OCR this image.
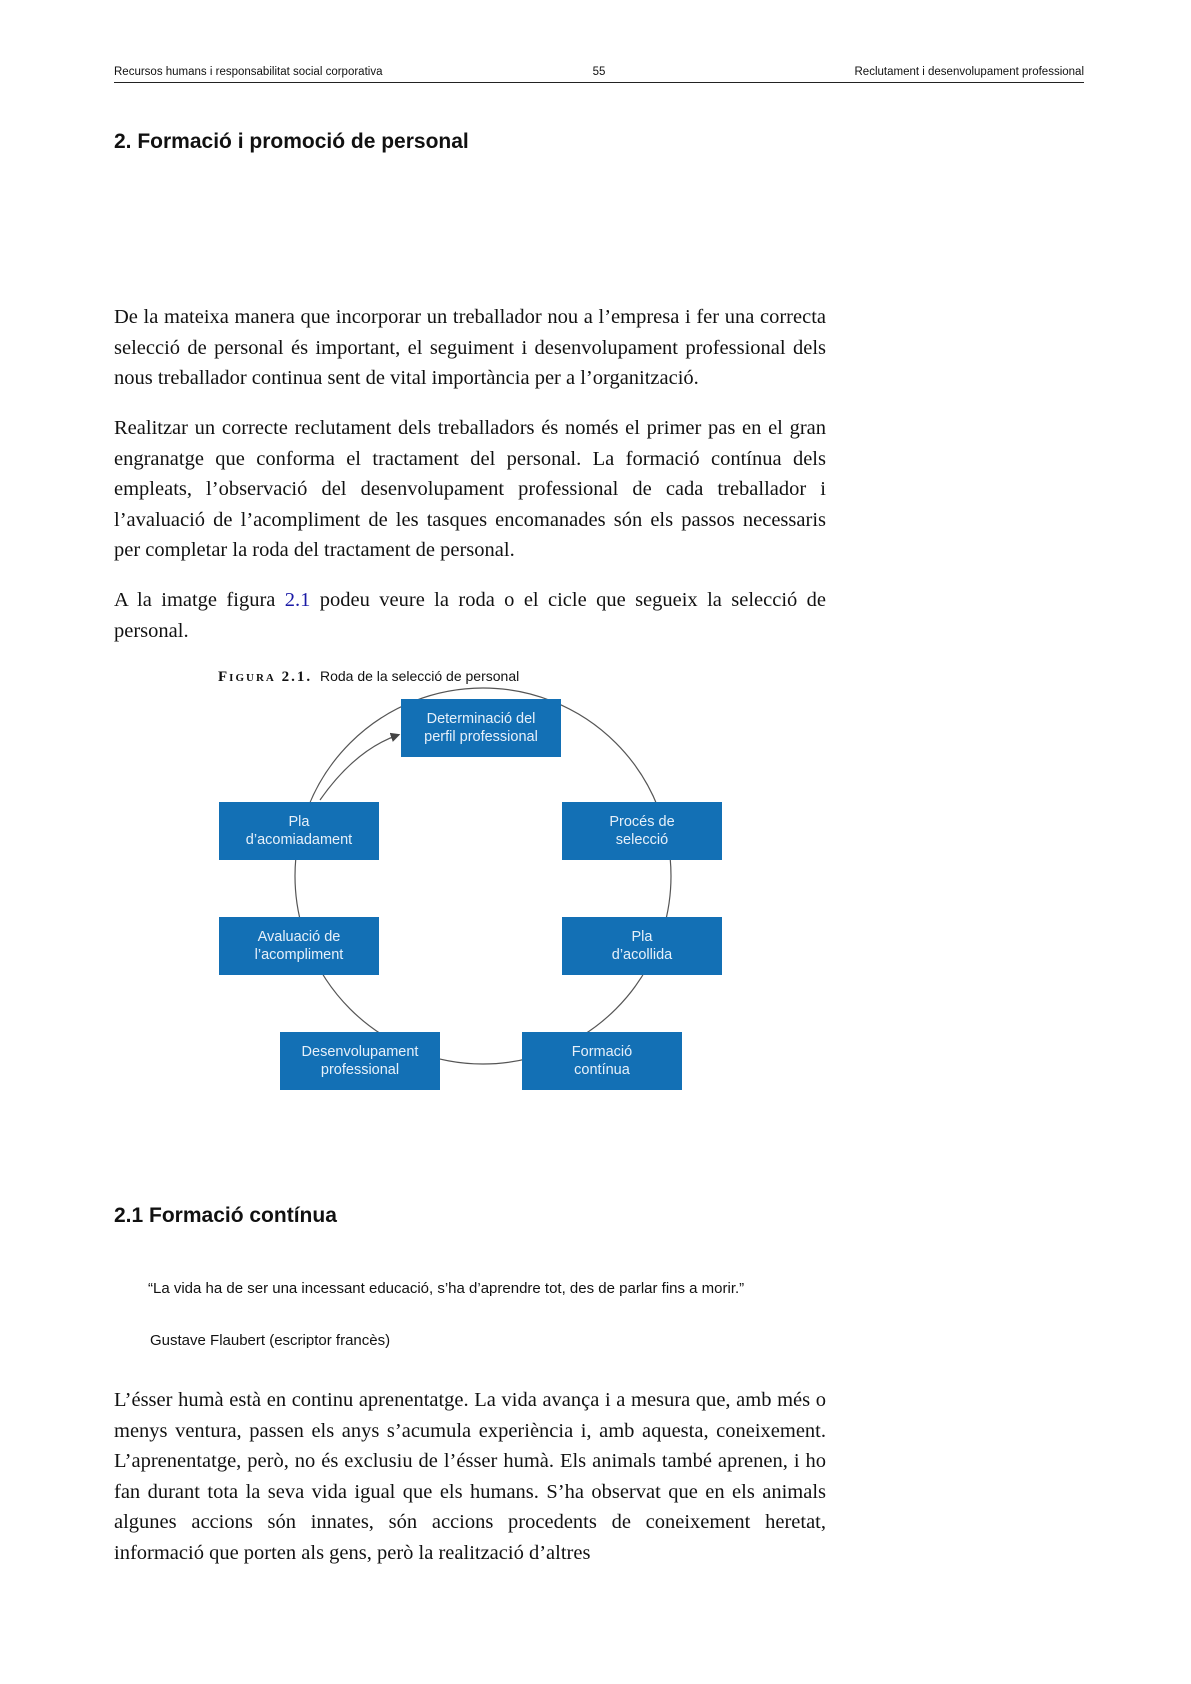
Recursos humans i responsabilitat social corporativa	55	Reclutament i desenvolupament professional
2. Formació i promoció de personal

De la mateixa manera que incorporar un treballador nou a l’empresa i fer una correcta selecció de personal és important, el seguiment i desenvolupament professional dels nous treballador continua sent de vital importància per a l’organització.

Realitzar un correcte reclutament dels treballadors és només el primer pas en el gran engranatge que conforma el tractament del personal. La formació contínua dels empleats, l’observació del desenvolupament professional de cada treballador i l’avaluació de l’acompliment de les tasques encomanades són els passos necessaris per completar la roda del tractament de personal.

A la imatge figura 2.1 podeu veure la roda o el cicle que segueix la selecció de personal.

Figura 2.1. Roda de la selecció de personal
Determinació del
perfil professional
Procés de
selecció
Pla
d’acollida
Formació
contínua
Desenvolupament
professional
Avaluació de
l’acompliment
Pla
d’acomiadament
2.1 Formació contínua
“La vida ha de ser una incessant educació, s’ha d’aprendre tot, des de parlar fins a morir.”
Gustave Flaubert (escriptor francès)

L’ésser humà està en continu aprenentatge. La vida avança i a mesura que, amb més o menys ventura, passen els anys s’acumula experiència i, amb aquesta, coneixement. L’aprenentatge, però, no és exclusiu de l’ésser humà. Els animals també aprenen, i ho fan durant tota la seva vida igual que els humans. S’ha observat que en els animals algunes accions són innates, són accions procedents de coneixement heretat, informació que porten als gens, però la realització d’altres
